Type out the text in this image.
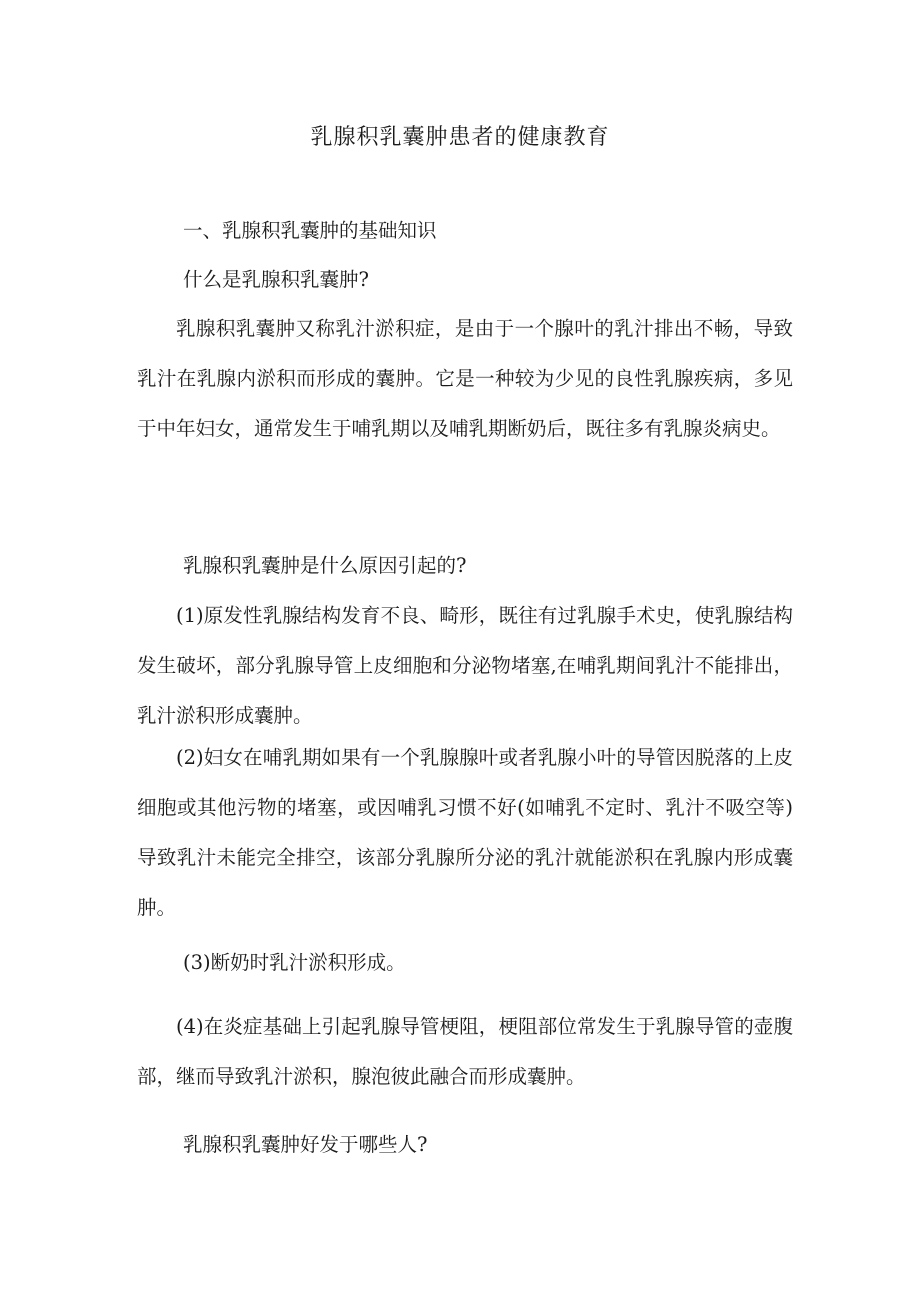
乳腺积乳囊肿患者的健康教育
一、乳腺积乳囊肿的基础知识
什么是乳腺积乳囊肿?

乳腺积乳囊肿又称乳汁淤积症，是由于一个腺叶的乳汁排出不畅，导致乳汁在乳腺内淤积而形成的囊肿。它是一种较为少见的良性乳腺疾病，多见于中年妇女，通常发生于哺乳期以及哺乳期断奶后，既往多有乳腺炎病史。

乳腺积乳囊肿是什么原因引起的?

(1)原发性乳腺结构发育不良、畸形，既往有过乳腺手术史，使乳腺结构发生破坏，部分乳腺导管上皮细胞和分泌物堵塞,在哺乳期间乳汁不能排出，乳汁淤积形成囊肿。

(2)妇女在哺乳期如果有一个乳腺腺叶或者乳腺小叶的导管因脱落的上皮细胞或其他污物的堵塞，或因哺乳习惯不好(如哺乳不定时、乳汁不吸空等)导致乳汁未能完全排空，该部分乳腺所分泌的乳汁就能淤积在乳腺内形成囊肿。

(3)断奶时乳汁淤积形成。

(4)在炎症基础上引起乳腺导管梗阻，梗阻部位常发生于乳腺导管的壶腹部，继而导致乳汁淤积，腺泡彼此融合而形成囊肿。

乳腺积乳囊肿好发于哪些人?
